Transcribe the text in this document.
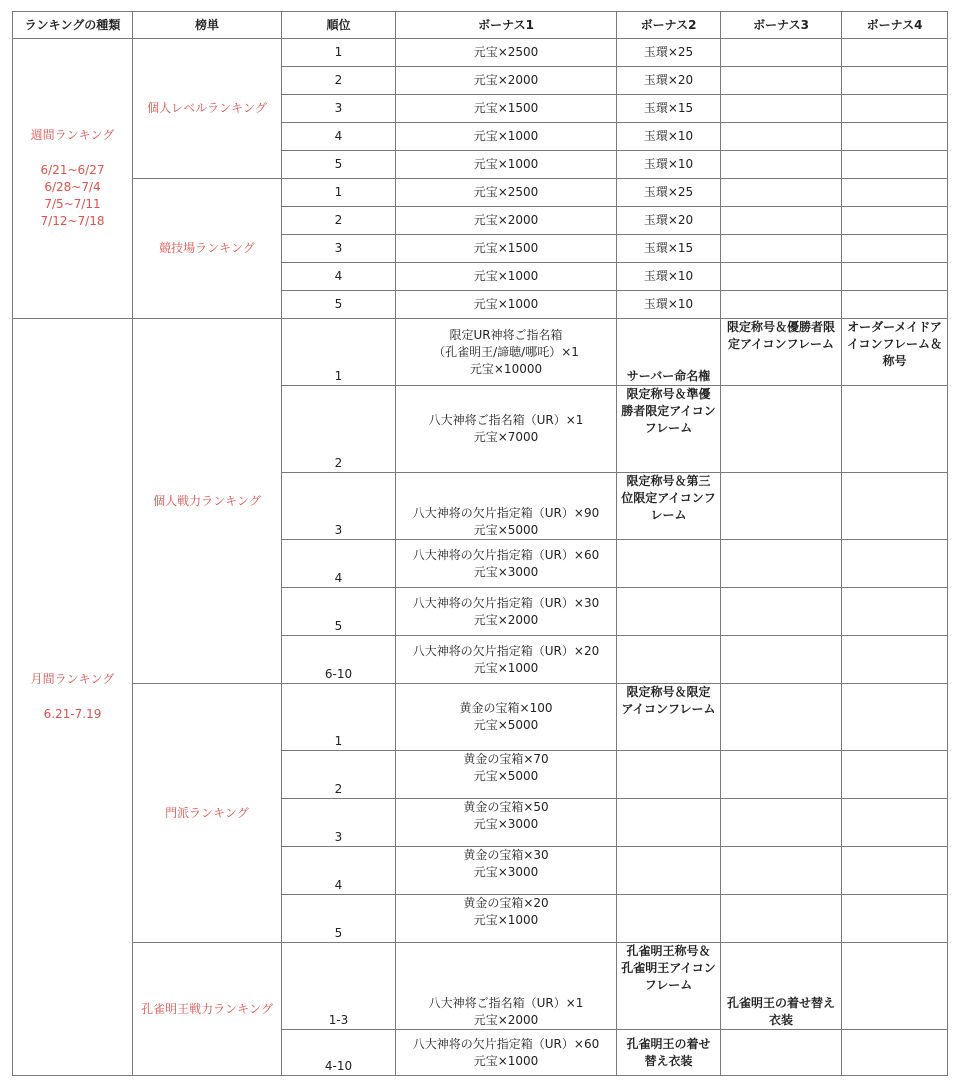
ランキングの種類	榜単	順位	ボーナス1	ボーナス2	ボーナス3	ボーナス4

週間ランキング
6/21~6/27
6/28~7/4
7/5~7/11
7/12~7/18	個人レベルランキング	1	元宝×2500	玉環×25		
		2	元宝×2000	玉環×20		
		3	元宝×1500	玉環×15		
		4	元宝×1000	玉環×10		
		5	元宝×1000	玉環×10		
	競技場ランキング	1	元宝×2500	玉環×25		
		2	元宝×2000	玉環×20		
		3	元宝×1500	玉環×15		
		4	元宝×1000	玉環×10		
		5	元宝×1000	玉環×10		

月間ランキング
6.21-7.19	個人戦力ランキング	1	限定UR神将ご指名箱
（孔雀明王/諦聴/哪吒）×1
元宝×10000	サーバー命名権	限定称号＆優勝者限定アイコンフレーム	オーダーメイドアイコンフレーム＆称号
		2	八大神将ご指名箱（UR）×1
元宝×7000	限定称号＆準優勝者限定アイコンフレーム		
		3	八大神将の欠片指定箱（UR）×90
元宝×5000	限定称号＆第三位限定アイコンフレーム		
		4	八大神将の欠片指定箱（UR）×60
元宝×3000			

		5	八大神将の欠片指定箱（UR）×30
元宝×2000			

		6-10	八大神将の欠片指定箱（UR）×20
元宝×1000			

	門派ランキング	1	黄金の宝箱×100
元宝×5000	限定称号＆限定アイコンフレーム		
		2	黄金の宝箱×70
元宝×5000			

		3	黄金の宝箱×50
元宝×3000			

		4	黄金の宝箱×30
元宝×3000			

		5	黄金の宝箱×20
元宝×1000			

	孔雀明王戦力ランキング	1-3	八大神将ご指名箱（UR）×1
元宝×2000	孔雀明王称号＆孔雀明王アイコンフレーム	孔雀明王の着せ替え衣装	
		4-10	八大神将の欠片指定箱（UR）×60
元宝×1000	孔雀明王の着せ替え衣装		
